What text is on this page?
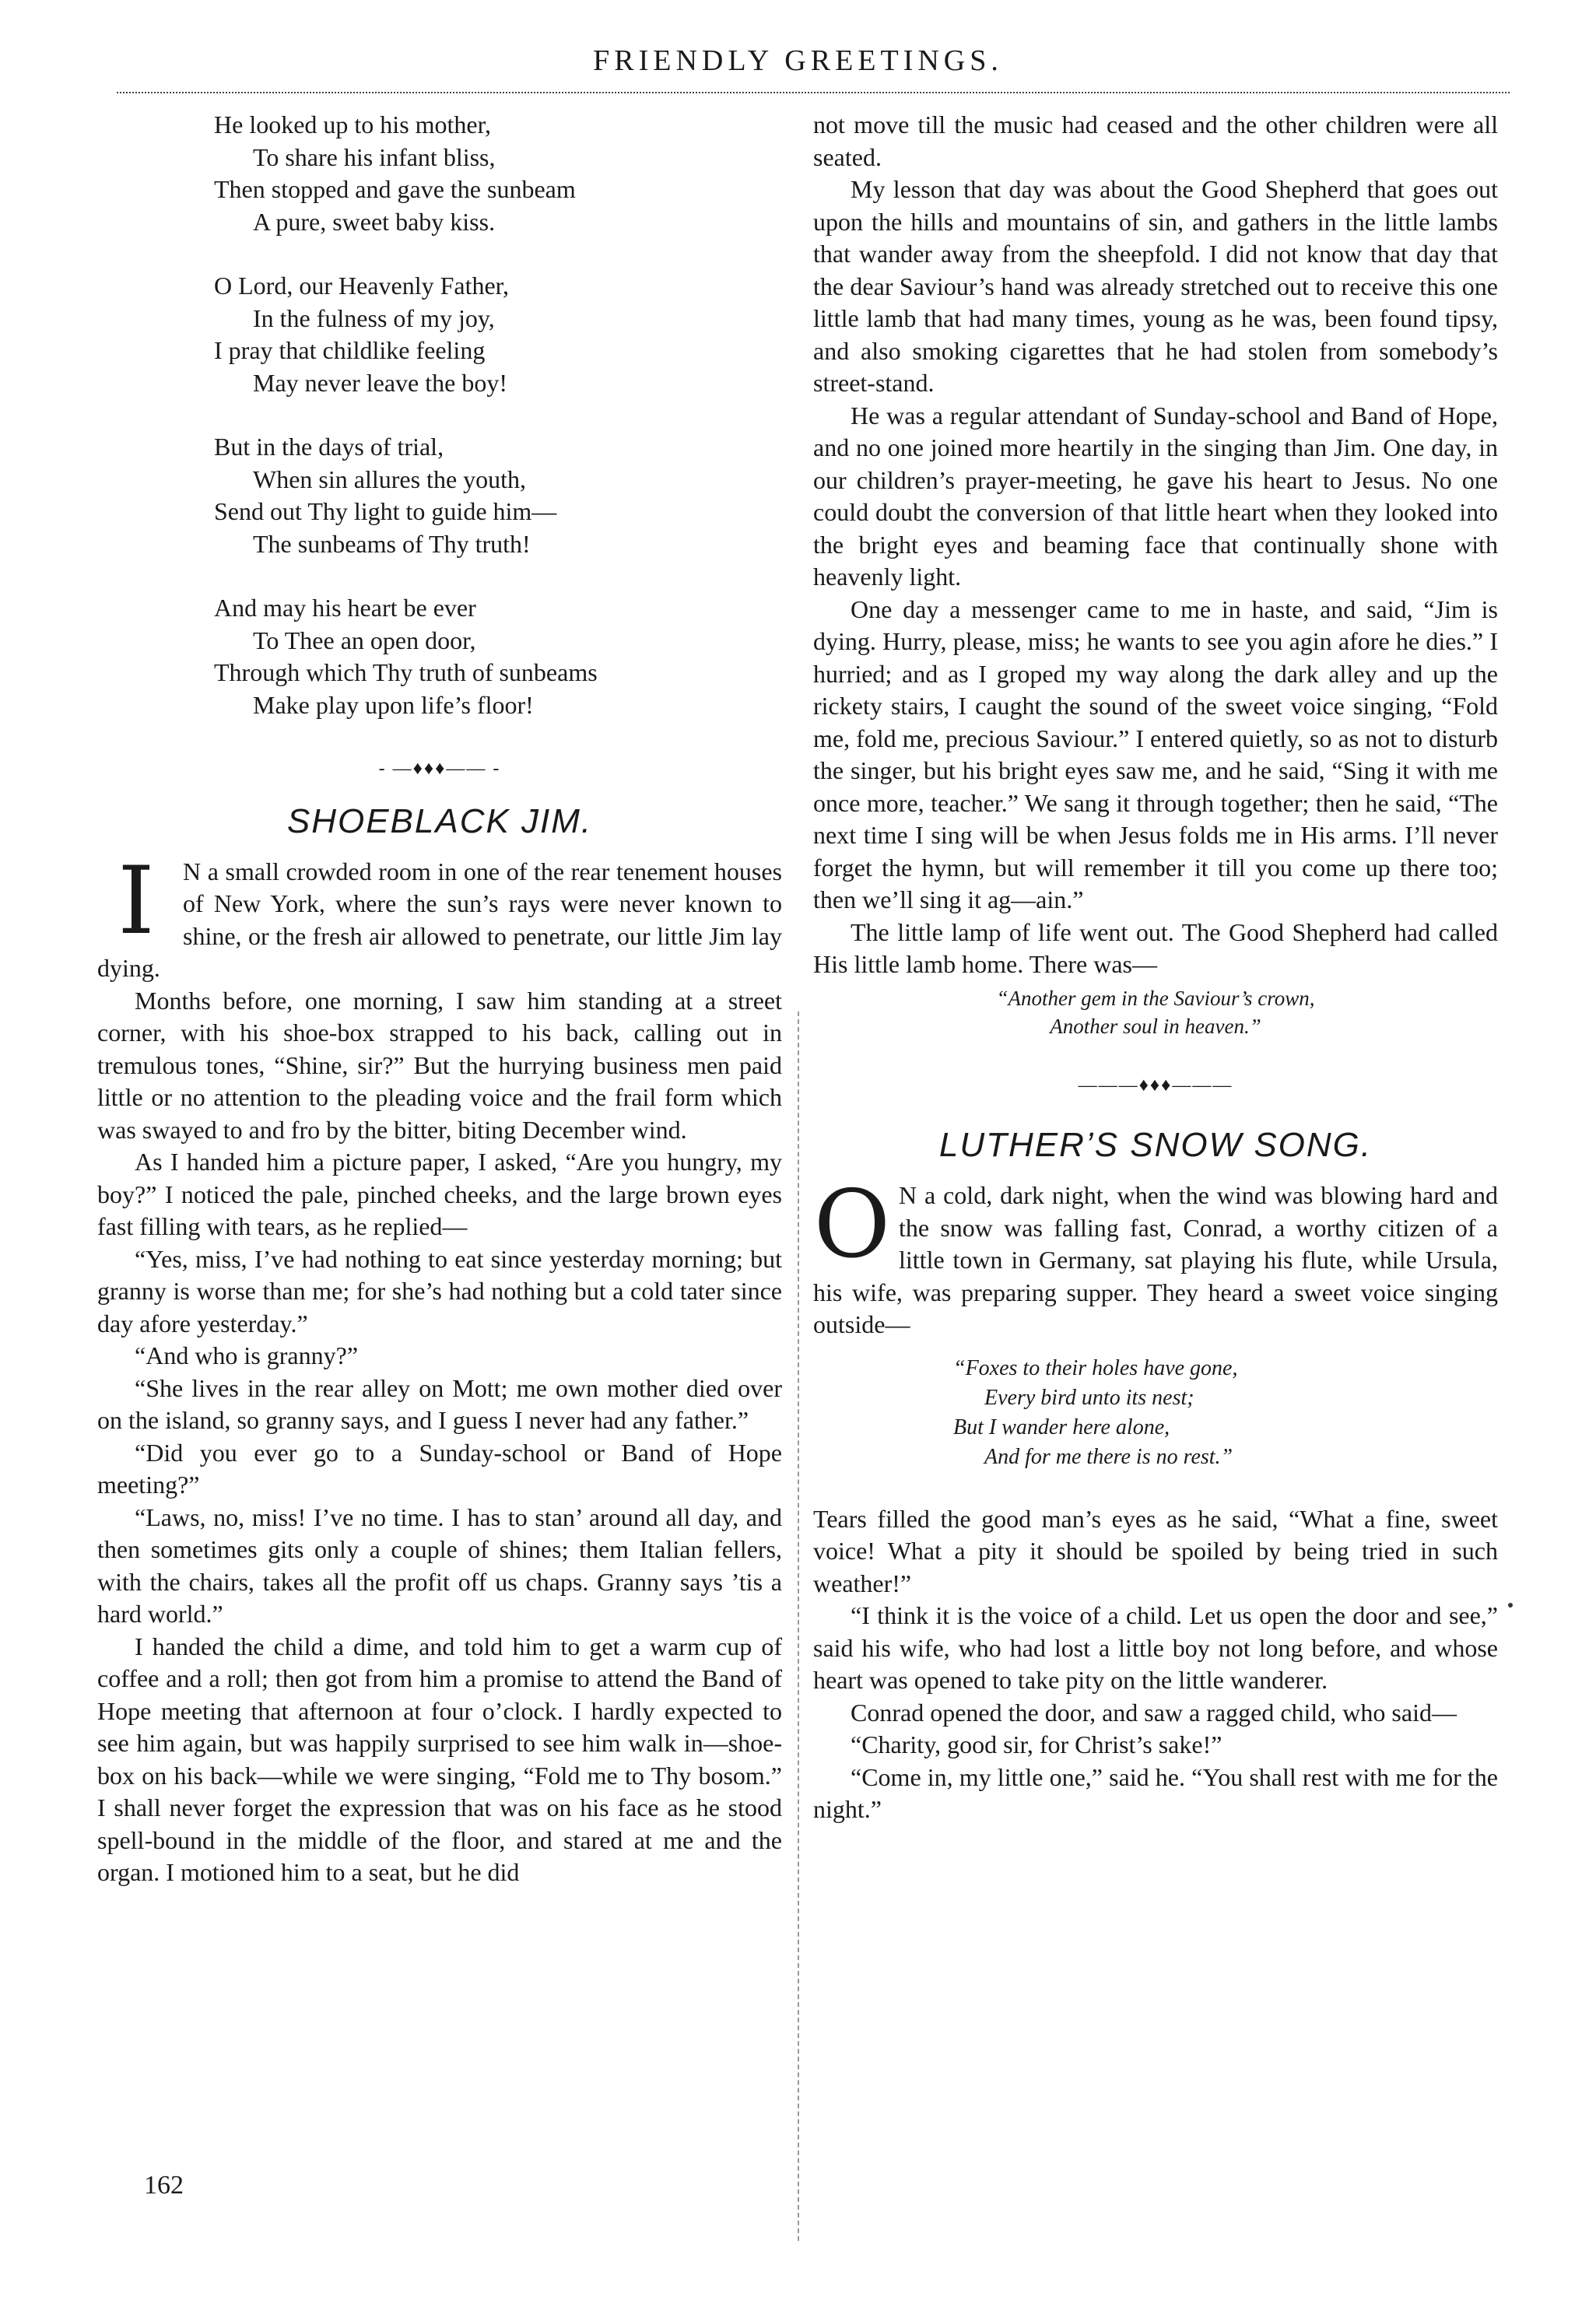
FRIENDLY GREETINGS.
He looked up to his mother,
To share his infant bliss,
Then stopped and gave the sunbeam
A pure, sweet baby kiss.
O Lord, our Heavenly Father,
In the fulness of my joy,
I pray that childlike feeling
May never leave the boy!
But in the days of trial,
When sin allures the youth,
Send out Thy light to guide him—
The sunbeams of Thy truth!
And may his heart be ever
To Thee an open door,
Through which Thy truth of sunbeams
Make play upon life’s floor!
- —♦♦♦—— -
SHOEBLACK JIM.

I	N a small crowded room in one of the rear tenement houses of New York, where the sun’s rays were never known to shine, or the fresh air allowed to penetrate, our little Jim lay dying.

Months before, one morning, I saw him standing at a street corner, with his shoe-box strapped to his back, calling out in tremulous tones, “Shine, sir?” But the hurrying business men paid little or no attention to the pleading voice and the frail form which was swayed to and fro by the bitter, biting December wind.

As I handed him a picture paper, I asked, “Are you hungry, my boy?” I noticed the pale, pinched cheeks, and the large brown eyes fast filling with tears, as he replied—

“Yes, miss, I’ve had nothing to eat since yesterday morning; but granny is worse than me; for she’s had nothing but a cold tater since day afore yesterday.”

“And who is granny?”

“She lives in the rear alley on Mott; me own mother died over on the island, so granny says, and I guess I never had any father.”

“Did you ever go to a Sunday-school or Band of Hope meeting?”

“Laws, no, miss! I’ve no time. I has to stan’ around all day, and then sometimes gits only a couple of shines; them Italian fellers, with the chairs, takes all the profit off us chaps. Granny says ’tis a hard world.”

I handed the child a dime, and told him to get a warm cup of coffee and a roll; then got from him a promise to attend the Band of Hope meeting that afternoon at four o’clock. I hardly expected to see him again, but was happily surprised to see him walk in—shoe-box on his back—while we were singing, “Fold me to Thy bosom.” I shall never forget the expression that was on his face as he stood spell-bound in the middle of the floor, and stared at me and the organ. I motioned him to a seat, but he did

not move till the music had ceased and the other children were all seated.

My lesson that day was about the Good Shepherd that goes out upon the hills and mountains of sin, and gathers in the little lambs that wander away from the sheepfold. I did not know that day that the dear Saviour’s hand was already stretched out to receive this one little lamb that had many times, young as he was, been found tipsy, and also smoking cigarettes that he had stolen from somebody’s street-stand.

He was a regular attendant of Sunday-school and Band of Hope, and no one joined more heartily in the singing than Jim. One day, in our children’s prayer-meeting, he gave his heart to Jesus. No one could doubt the conversion of that little heart when they looked into the bright eyes and beaming face that continually shone with heavenly light.

One day a messenger came to me in haste, and said, “Jim is dying. Hurry, please, miss; he wants to see you agin afore he dies.” I hurried; and as I groped my way along the dark alley and up the rickety stairs, I caught the sound of the sweet voice singing, “Fold me, fold me, precious Saviour.” I entered quietly, so as not to disturb the singer, but his bright eyes saw me, and he said, “Sing it with me once more, teacher.” We sang it through together; then he said, “The next time I sing will be when Jesus folds me in His arms. I’ll never forget the hymn, but will remember it till you come up there too; then we’ll sing it ag—ain.”

The little lamp of life went out. The Good Shepherd had called His little lamb home. There was—

“Another gem in the Saviour’s crown,
Another soul in heaven.”
———♦♦♦———
LUTHER’S SNOW SONG.

O N a cold, dark night, when the wind was blowing hard and the snow was falling fast, Conrad, a worthy citizen of a little town in Germany, sat playing his flute, while Ursula, his wife, was preparing supper. They heard a sweet voice singing outside—

“Foxes to their holes have gone,
Every bird unto its nest;
But I wander here alone,
And for me there is no rest.”

Tears filled the good man’s eyes as he said, “What a fine, sweet voice! What a pity it should be spoiled by being tried in such weather!”

“I think it is the voice of a child. Let us open the door and see,” said his wife, who had lost a little boy not long before, and whose heart was opened to take pity on the little wanderer.

Conrad opened the door, and saw a ragged child, who said—

“Charity, good sir, for Christ’s sake!”

“Come in, my little one,” said he. “You shall rest with me for the night.”

162
